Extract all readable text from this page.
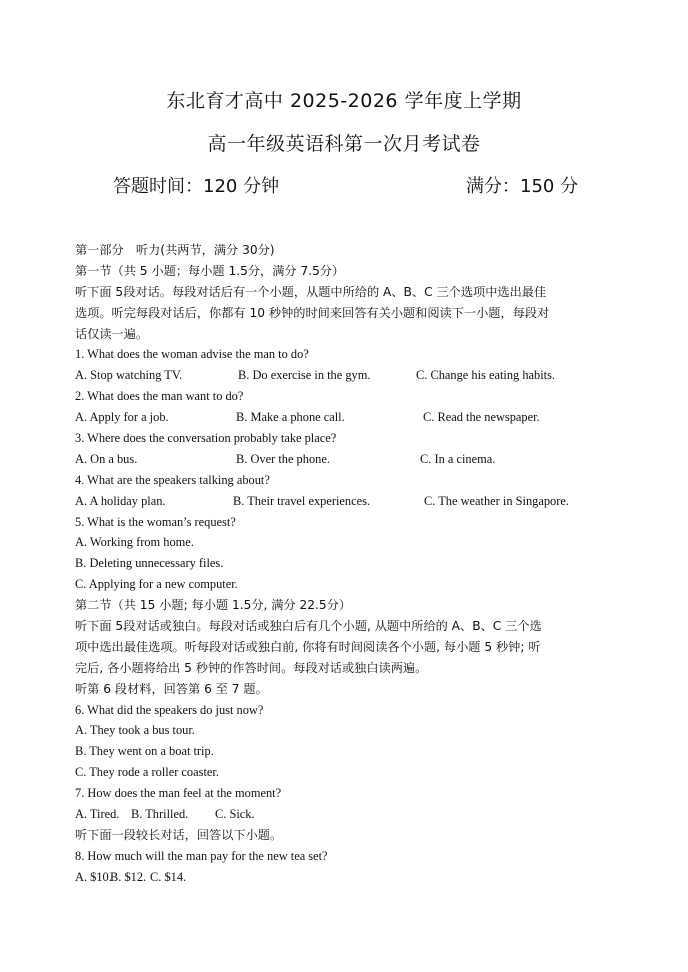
东北育才高中 2025-2026 学年度上学期
高一年级英语科第一次月考试卷
答题时间：120 分钟	满分：150 分
第一部分　听力(共两节，满分 30分)
第一节（共 5 小题；每小题 1.5分，满分 7.5分）
听下面 5段对话。每段对话后有一个小题，从题中所给的 A、B、C 三个选项中选出最佳
选项。听完每段对话后，你都有 10 秒钟的时间来回答有关小题和阅读下一小题，每段对
话仅读一遍。
1. What does the woman advise the man to do?
A. Stop watching TV.	B. Do exercise in the gym.	C. Change his eating habits.
2. What does the man want to do?
A. Apply for a job.	B. Make a phone call.	C. Read the newspaper.
3. Where does the conversation probably take place?
A. On a bus.	B. Over the phone.	C. In a cinema.
4. What are the speakers talking about?
A. A holiday plan.	B. Their travel experiences.	C. The weather in Singapore.
5. What is the woman’s request?
A. Working from home.
B. Deleting unnecessary files.
C. Applying for a new computer.
第二节（共 15 小题; 每小题 1.5分, 满分 22.5分）
听下面 5段对话或独白。每段对话或独白后有几个小题, 从题中所给的 A、B、C 三个选
项中选出最佳选项。听每段对话或独白前, 你将有时间阅读各个小题, 每小题 5 秒钟; 听
完后, 各小题将给出 5 秒钟的作答时间。每段对话或独白读两遍。
听第 6 段材料，回答第 6 至 7 题。
6. What did the speakers do just now?
A. They took a bus tour.
B. They went on a boat trip.
C. They rode a roller coaster.
7. How does the man feel at the moment?
A. Tired. B. Thrilled.	C. Sick.
听下面一段较长对话，回答以下小题。
8. How much will the man pay for the new tea set?
A. $10.
B. $12. C. $14.
